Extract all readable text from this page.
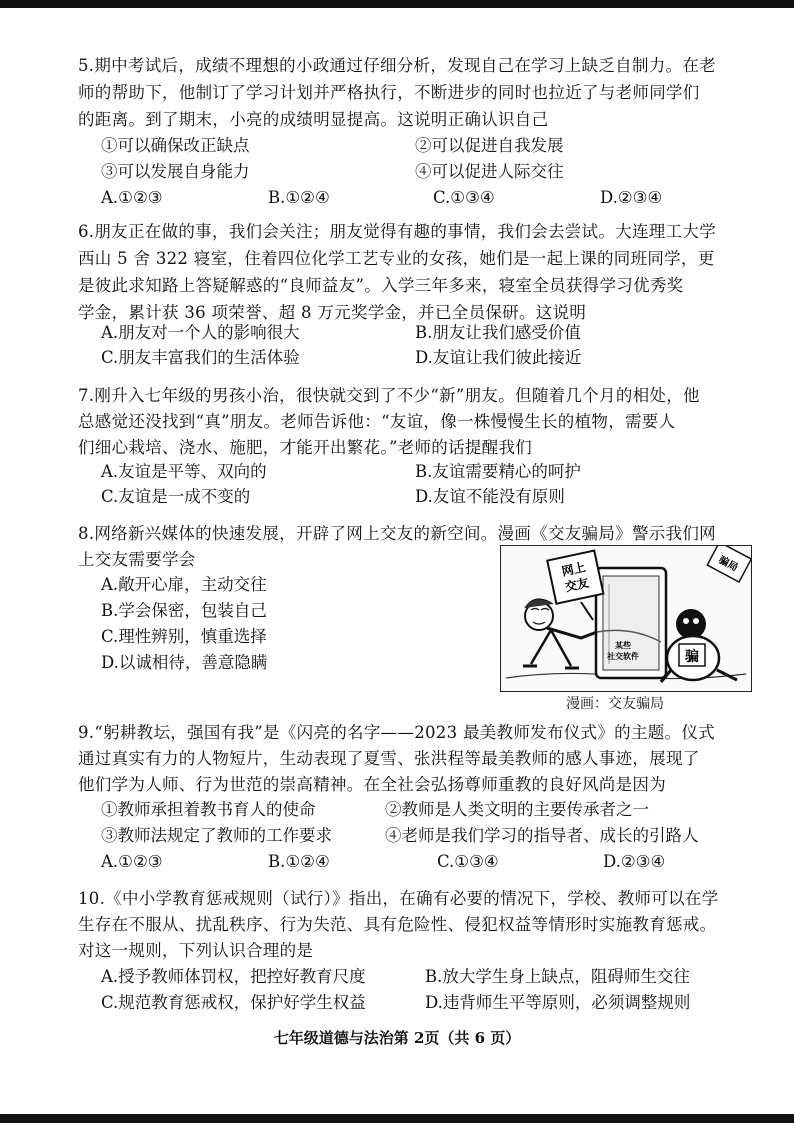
5.期中考试后，成绩不理想的小政通过仔细分析，发现自己在学习上缺乏自制力。在老
师的帮助下，他制订了学习计划并严格执行，不断进步的同时也拉近了与老师同学们
的距离。到了期末，小亮的成绩明显提高。这说明正确认识自己
①可以确保改正缺点	②可以促进自我发展
③可以发展自身能力	④可以促进人际交往
A.①②③	B.①②④	C.①③④	D.②③④
6.朋友正在做的事，我们会关注；朋友觉得有趣的事情，我们会去尝试。大连理工大学
西山 5 舍 322 寝室，住着四位化学工艺专业的女孩，她们是一起上课的同班同学，更
是彼此求知路上答疑解惑的“良师益友”。入学三年多来，寝室全员获得学习优秀奖
学金，累计获 36 项荣誉、超 8 万元奖学金，并已全员保研。这说明
A.朋友对一个人的影响很大	B.朋友让我们感受价值
C.朋友丰富我们的生活体验	D.友谊让我们彼此接近
7.刚升入七年级的男孩小治，很快就交到了不少“新”朋友。但随着几个月的相处，他
总感觉还没找到“真”朋友。老师告诉他：“友谊，像一株慢慢生长的植物，需要人
们细心栽培、浇水、施肥，才能开出繁花。”老师的话提醒我们
A.友谊是平等、双向的	B.友谊需要精心的呵护
C.友谊是一成不变的	D.友谊不能没有原则
8.网络新兴媒体的快速发展，开辟了网上交友的新空间。漫画《交友骗局》警示我们网
上交友需要学会
A.敞开心扉，主动交往
B.学会保密，包装自己
C.理性辨别，慎重选择
D.以诚相待，善意隐瞒
某些
社交软件
网上
交友
骗
骗局
漫画：交友骗局
9.“躬耕教坛，强国有我”是《闪亮的名字——2023 最美教师发布仪式》的主题。仪式
通过真实有力的人物短片，生动表现了夏雪、张洪程等最美教师的感人事迹，展现了
他们学为人师、行为世范的崇高精神。在全社会弘扬尊师重教的良好风尚是因为
①教师承担着教书育人的使命	②教师是人类文明的主要传承者之一
③教师法规定了教师的工作要求	④老师是我们学习的指导者、成长的引路人
A.①②③	B.①②④	C.①③④	D.②③④
10.《中小学教育惩戒规则（试行）》指出，在确有必要的情况下，学校、教师可以在学
生存在不服从、扰乱秩序、行为失范、具有危险性、侵犯权益等情形时实施教育惩戒。
对这一规则，下列认识合理的是
A.授予教师体罚权，把控好教育尺度	B.放大学生身上缺点，阻碍师生交往
C.规范教育惩戒权，保护好学生权益	D.违背师生平等原则，必须调整规则
七年级道德与法治第 2页（共 6 页）
